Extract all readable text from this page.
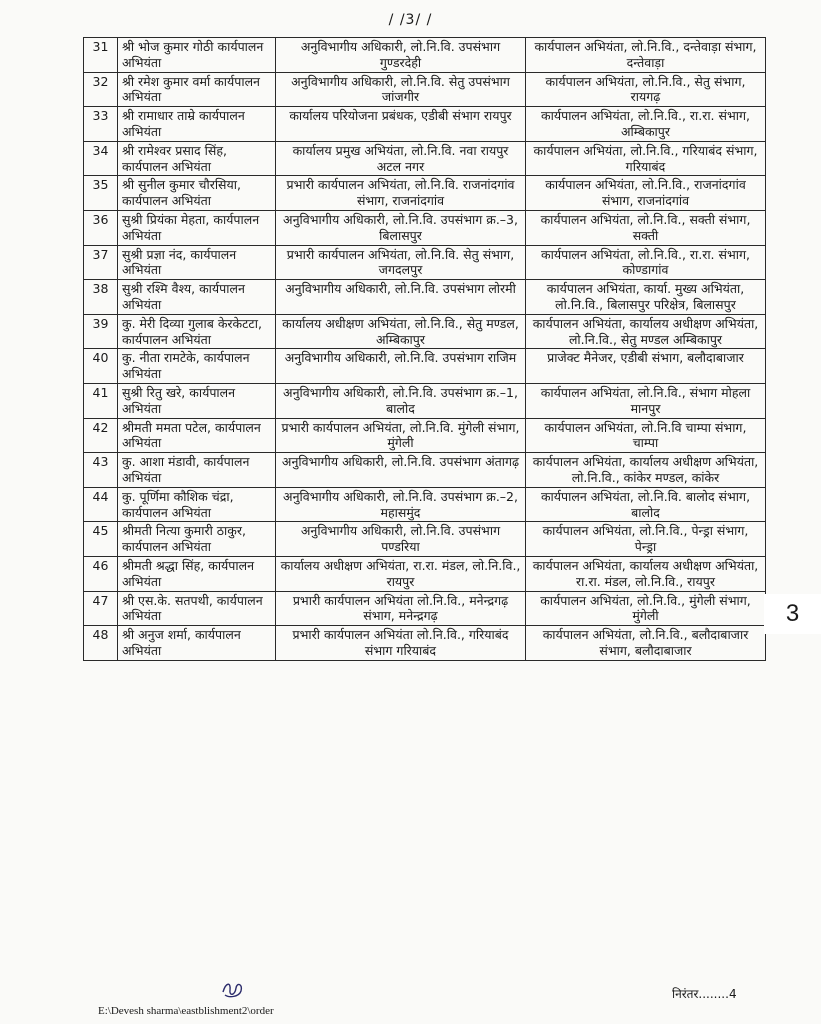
/ /3/ /
31	श्री भोज कुमार गोठी कार्यपालन अभियंता	अनुविभागीय अधिकारी, लो.नि.वि. उपसंभाग गुण्डरदेही	कार्यपालन अभियंता, लो.नि.वि., दन्तेवाड़ा संभाग, दन्तेवाड़ा
32	श्री रमेश कुमार वर्मा कार्यपालन अभियंता	अनुविभागीय अधिकारी, लो.नि.वि. सेतु उपसंभाग जांजगीर	कार्यपालन अभियंता, लो.नि.वि., सेतु संभाग, रायगढ़
33	श्री रामाधार ताम्रे कार्यपालन अभियंता	कार्यालय परियोजना प्रबंधक, एडीबी संभाग रायपुर	कार्यपालन अभियंता, लो.नि.वि., रा.रा. संभाग, अम्बिकापुर
34	श्री रामेश्वर प्रसाद सिंह, कार्यपालन अभियंता	कार्यालय प्रमुख अभियंता, लो.नि.वि. नवा रायपुर अटल नगर	कार्यपालन अभियंता, लो.नि.वि., गरियाबंद संभाग, गरियाबंद
35	श्री सुनील कुमार चौरसिया, कार्यपालन अभियंता	प्रभारी कार्यपालन अभियंता, लो.नि.वि. राजनांदगांव संभाग, राजनांदगांव	कार्यपालन अभियंता, लो.नि.वि., राजनांदगांव संभाग, राजनांदगांव
36	सुश्री प्रियंका मेहता, कार्यपालन अभियंता	अनुविभागीय अधिकारी, लो.नि.वि. उपसंभाग क्र.–3, बिलासपुर	कार्यपालन अभियंता, लो.नि.वि., सक्ती संभाग, सक्ती
37	सुश्री प्रज्ञा नंद, कार्यपालन अभियंता	प्रभारी कार्यपालन अभियंता, लो.नि.वि. सेतु संभाग, जगदलपुर	कार्यपालन अभियंता, लो.नि.वि., रा.रा. संभाग, कोण्डागांव
38	सुश्री रश्मि वैश्य, कार्यपालन अभियंता	अनुविभागीय अधिकारी, लो.नि.वि. उपसंभाग लोरमी	कार्यपालन अभियंता, कार्या. मुख्य अभियंता, लो.नि.वि., बिलासपुर परिक्षेत्र, बिलासपुर
39	कु. मेरी दिव्या गुलाब केरकेटटा, कार्यपालन अभियंता	कार्यालय अधीक्षण अभियंता, लो.नि.वि., सेतु मण्डल, अम्बिकापुर	कार्यपालन अभियंता, कार्यालय अधीक्षण अभियंता, लो.नि.वि., सेतु मण्डल अम्बिकापुर
40	कु. नीता रामटेके, कार्यपालन अभियंता	अनुविभागीय अधिकारी, लो.नि.वि. उपसंभाग राजिम	प्राजेक्ट मैनेजर, एडीबी संभाग, बलौदाबाजार
41	सुश्री रितु खरे, कार्यपालन अभियंता	अनुविभागीय अधिकारी, लो.नि.वि. उपसंभाग क्र.–1, बालोद	कार्यपालन अभियंता, लो.नि.वि., संभाग मोहला मानपुर
42	श्रीमती ममता पटेल, कार्यपालन अभियंता	प्रभारी कार्यपालन अभियंता, लो.नि.वि. मुंगेली संभाग, मुंगेली	कार्यपालन अभियंता, लो.नि.वि चाम्पा संभाग, चाम्पा
43	कु. आशा मंडावी, कार्यपालन अभियंता	अनुविभागीय अधिकारी, लो.नि.वि. उपसंभाग अंतागढ़	कार्यपालन अभियंता, कार्यालय अधीक्षण अभियंता, लो.नि.वि., कांकेर मण्डल, कांकेर
44	कु. पूर्णिमा कौशिक चंद्रा, कार्यपालन अभियंता	अनुविभागीय अधिकारी, लो.नि.वि. उपसंभाग क्र.–2, महासमुंद	कार्यपालन अभियंता, लो.नि.वि. बालोद संभाग, बालोद
45	श्रीमती नित्या कुमारी ठाकुर, कार्यपालन अभियंता	अनुविभागीय अधिकारी, लो.नि.वि. उपसंभाग पण्डरिया	कार्यपालन अभियंता, लो.नि.वि., पेन्ड्रा संभाग, पेन्ड्रा
46	श्रीमती श्रद्धा सिंह, कार्यपालन अभियंता	कार्यालय अधीक्षण अभियंता, रा.रा. मंडल, लो.नि.वि., रायपुर	कार्यपालन अभियंता, कार्यालय अधीक्षण अभियंता, रा.रा. मंडल, लो.नि.वि., रायपुर
47	श्री एस.के. सतपथी, कार्यपालन अभियंता	प्रभारी कार्यपालन अभियंता लो.नि.वि., मनेन्द्रगढ़ संभाग, मनेन्द्रगढ़	कार्यपालन अभियंता, लो.नि.वि., मुंगेली संभाग, मुंगेली
48	श्री अनुज शर्मा, कार्यपालन अभियंता	प्रभारी कार्यपालन अभियंता लो.नि.वि., गरियाबंद संभाग गरियाबंद	कार्यपालन अभियंता, लो.नि.वि., बलौदाबाजार संभाग, बलौदाबाजार
3
निरंतर........4
E:\Devesh sharma\eastblishment2\order
